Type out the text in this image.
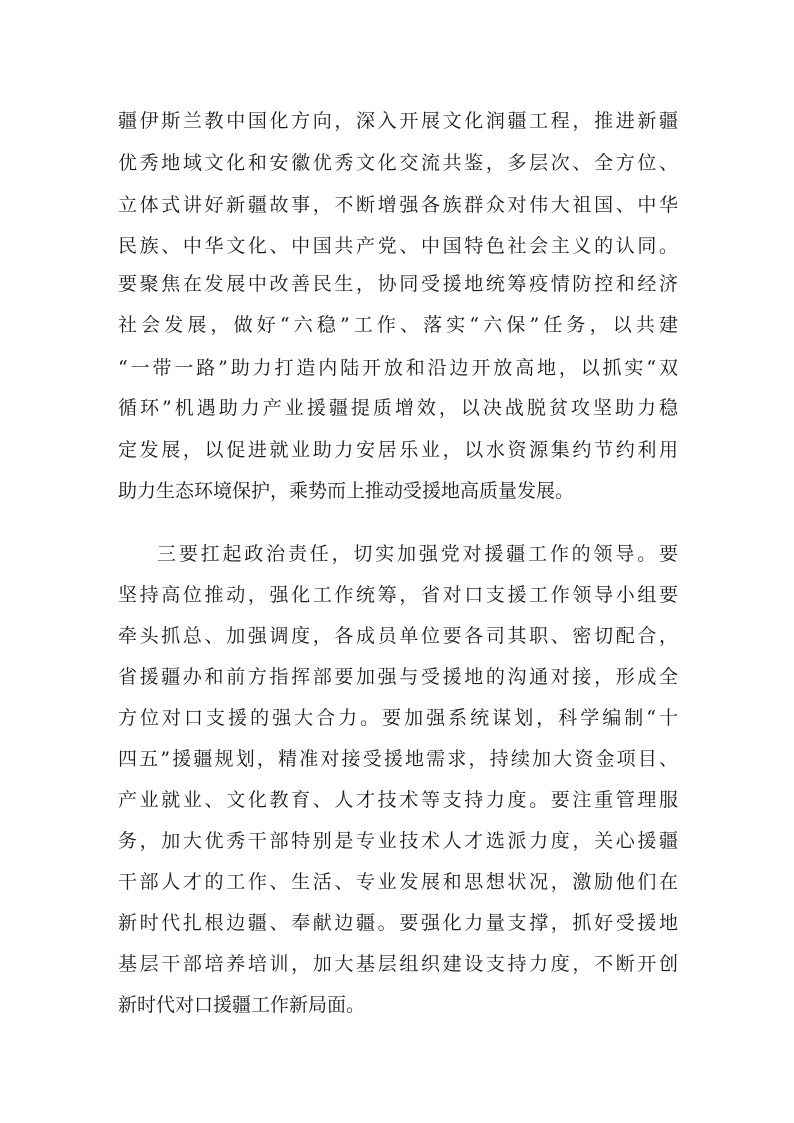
疆伊斯兰教中国化方向，深入开展文化润疆工程，推进新疆
优秀地域文化和安徽优秀文化交流共鉴，多层次、全方位、
立体式讲好新疆故事，不断增强各族群众对伟大祖国、中华
民族、中华文化、中国共产党、中国特色社会主义的认同。
要聚焦在发展中改善民生，协同受援地统筹疫情防控和经济
社会发展，做好“六稳”工作、落实“六保”任务，以共建
“一带一路”助力打造内陆开放和沿边开放高地，以抓实“双
循环”机遇助力产业援疆提质增效，以决战脱贫攻坚助力稳
定发展，以促进就业助力安居乐业，以水资源集约节约利用
助力生态环境保护，乘势而上推动受援地高质量发展。
三要扛起政治责任，切实加强党对援疆工作的领导。要
坚持高位推动，强化工作统筹，省对口支援工作领导小组要
牵头抓总、加强调度，各成员单位要各司其职、密切配合，
省援疆办和前方指挥部要加强与受援地的沟通对接，形成全
方位对口支援的强大合力。要加强系统谋划，科学编制“十
四五”援疆规划，精准对接受援地需求，持续加大资金项目、
产业就业、文化教育、人才技术等支持力度。要注重管理服
务，加大优秀干部特别是专业技术人才选派力度，关心援疆
干部人才的工作、生活、专业发展和思想状况，激励他们在
新时代扎根边疆、奉献边疆。要强化力量支撑，抓好受援地
基层干部培养培训，加大基层组织建设支持力度，不断开创
新时代对口援疆工作新局面。
